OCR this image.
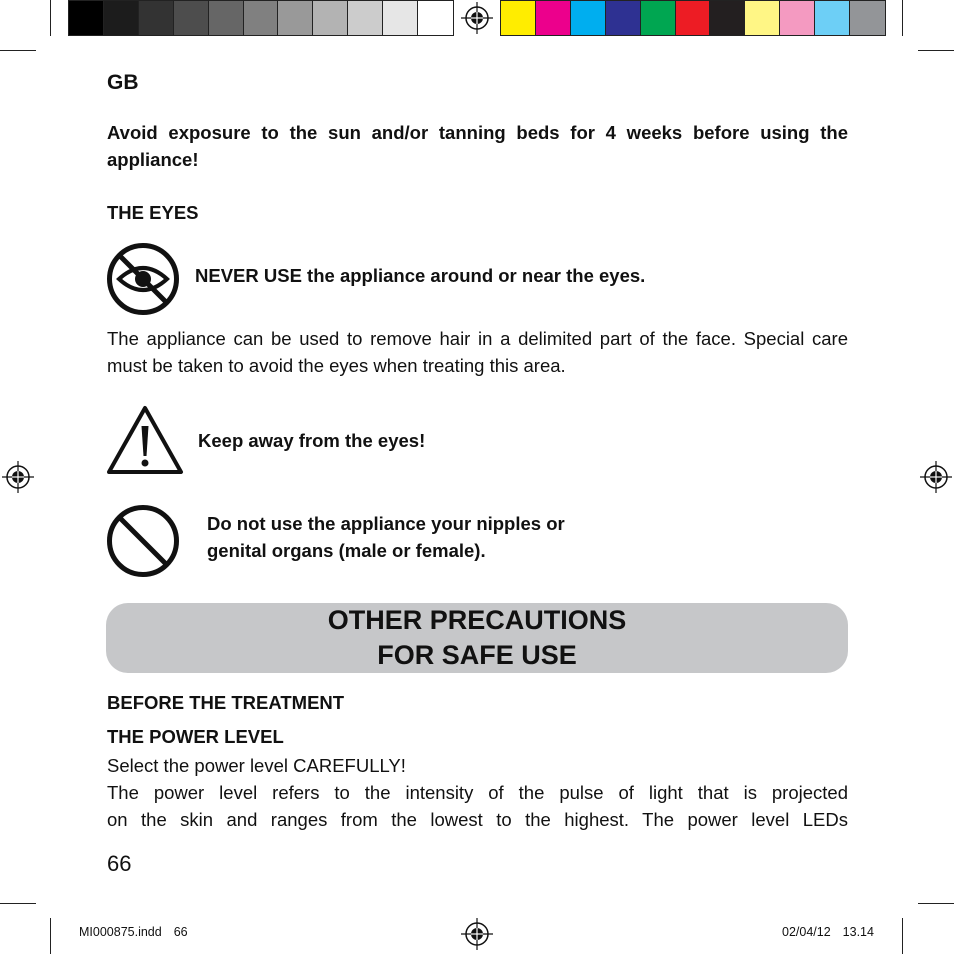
GB
Avoid exposure to the sun and/or tanning beds for 4 weeks before using the appliance!
THE EYES
NEVER USE the appliance around or near the eyes.
The appliance can be used to remove hair in a delimited part of the face. Special care must be taken to avoid the eyes when treating this area.
Keep away from the eyes!
Do not use the appliance your nipples or
genital organs (male or female).
OTHER PRECAUTIONS
FOR SAFE USE
BEFORE THE TREATMENT
THE POWER LEVEL
Select the power level CAREFULLY!
The power level refers to the intensity of the pulse of light that is projected
on the skin and ranges from the lowest to the highest. The power level LEDs
66
MI000875.indd 66	02/04/12 13.14
